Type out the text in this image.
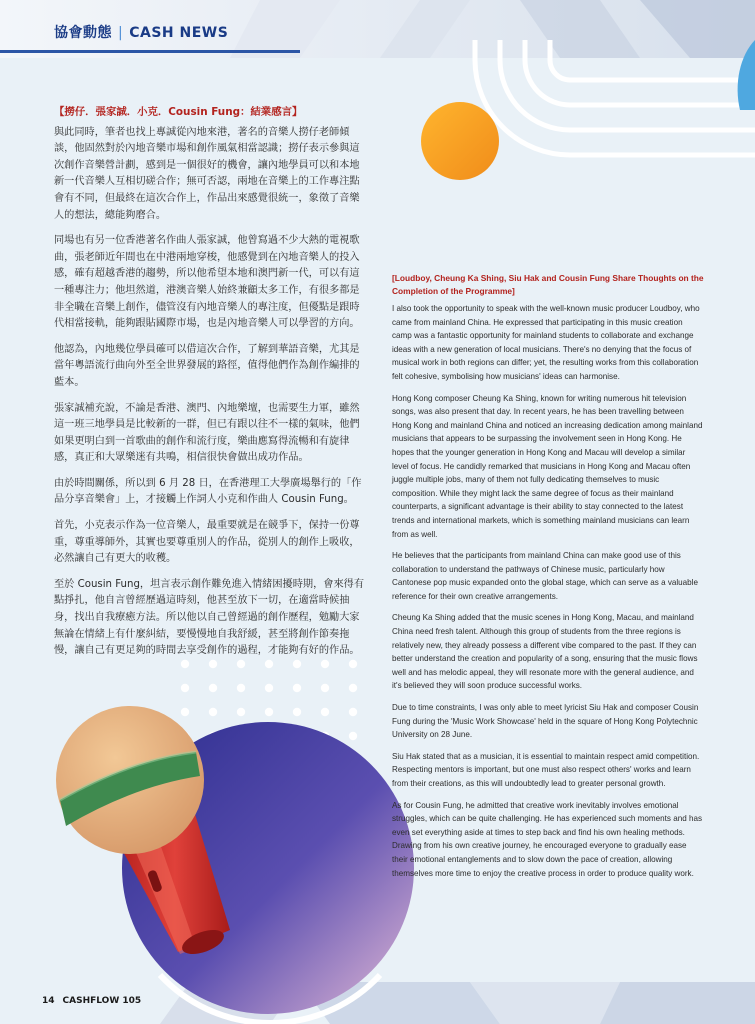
協會動態 | CASH NEWS

【撈仔．張家誠．小克．Cousin Fung：結業感言】

與此同時，筆者也找上專誠從內地來港，著名的音樂人撈仔老師傾談，他固然對於內地音樂市場和創作風氣相當認識；撈仔表示參與這次創作音樂營計劃，感到是一個很好的機會，讓內地學員可以和本地新一代音樂人互相切磋合作；無可否認，兩地在音樂上的工作專注點會有不同，但最終在這次合作上，作品出來感覺很統一，象徵了音樂人的想法，總能夠磨合。

同場也有另一位香港著名作曲人張家誠，他曾寫過不少大熱的電視歌曲，張老師近年間也在中港兩地穿梭，他感覺到在內地音樂人的投入感，確有超越香港的趨勢，所以他希望本地和澳門新一代，可以有這一種專注力；他坦然道，港澳音樂人始終兼顧太多工作，有很多都是非全職在音樂上創作，儘管沒有內地音樂人的專注度，但優點是跟時代相當接軌，能夠跟貼國際市場，也是內地音樂人可以學習的方向。

他認為，內地幾位學員確可以借這次合作，了解到華語音樂，尤其是當年粵語流行曲向外至全世界發展的路徑，值得他們作為創作編排的藍本。

張家誠補充說，不論是香港、澳門、內地樂壇，也需要生力軍，雖然這一班三地學員是比較新的一群，但已有跟以往不一樣的氣味，他們如果更明白到一首歌曲的創作和流行度，樂曲應寫得流暢和有旋律感，真正和大眾樂迷有共鳴，相信很快會做出成功作品。

由於時間關係，所以到 6 月 28 日，在香港理工大學廣場舉行的「作品分享音樂會」上，才接觸上作詞人小克和作曲人 Cousin Fung。

首先，小克表示作為一位音樂人，最重要就是在競爭下，保持一份尊重，尊重導師外，其實也要尊重別人的作品，從別人的創作上吸收，必然讓自己有更大的收穫。

至於 Cousin Fung，坦言表示創作難免進入情緒困擾時期，會來得有點掙扎，他自言曾經歷過這時刻，他甚至放下一切，在適當時候抽身，找出自我療癒方法。所以他以自己曾經過的創作歷程，勉勵大家無論在情緒上有什麼糾結，要慢慢地自我舒緩，甚至將創作節奏拖慢，讓自己有更足夠的時間去享受創作的過程，才能夠有好的作品。

[Loudboy, Cheung Ka Shing, Siu Hak and Cousin Fung Share Thoughts on the Completion of the Programme]

I also took the opportunity to speak with the well-known music producer Loudboy, who came from mainland China. He expressed that participating in this music creation camp was a fantastic opportunity for mainland students to collaborate and exchange ideas with a new generation of local musicians. There's no denying that the focus of musical work in both regions can differ; yet, the resulting works from this collaboration felt cohesive, symbolising how musicians' ideas can harmonise.

Hong Kong composer Cheung Ka Shing, known for writing numerous hit television songs, was also present that day. In recent years, he has been travelling between Hong Kong and mainland China and noticed an increasing dedication among mainland musicians that appears to be surpassing the involvement seen in Hong Kong. He hopes that the younger generation in Hong Kong and Macau will develop a similar level of focus. He candidly remarked that musicians in Hong Kong and Macau often juggle multiple jobs, many of them not fully dedicating themselves to music composition. While they might lack the same degree of focus as their mainland counterparts, a significant advantage is their ability to stay connected to the latest trends and international markets, which is something mainland musicians can learn from as well.

He believes that the participants from mainland China can make good use of this collaboration to understand the pathways of Chinese music, particularly how Cantonese pop music expanded onto the global stage, which can serve as a valuable reference for their own creative arrangements.

Cheung Ka Shing added that the music scenes in Hong Kong, Macau, and mainland China need fresh talent. Although this group of students from the three regions is relatively new, they already possess a different vibe compared to the past. If they can better understand the creation and popularity of a song, ensuring that the music flows well and has melodic appeal, they will resonate more with the general audience, and it's believed they will soon produce successful works.

Due to time constraints, I was only able to meet lyricist Siu Hak and composer Cousin Fung during the 'Music Work Showcase' held in the square of Hong Kong Polytechnic University on 28 June.

Siu Hak stated that as a musician, it is essential to maintain respect amid competition. Respecting mentors is important, but one must also respect others' works and learn from their creations, as this will undoubtedly lead to greater personal growth.

As for Cousin Fung, he admitted that creative work inevitably involves emotional struggles, which can be quite challenging. He has experienced such moments and has even set everything aside at times to step back and find his own healing methods. Drawing from his own creative journey, he encouraged everyone to gradually ease their emotional entanglements and to slow down the pace of creation, allowing themselves more time to enjoy the creative process in order to produce quality work.

14 CASHFLOW 105
